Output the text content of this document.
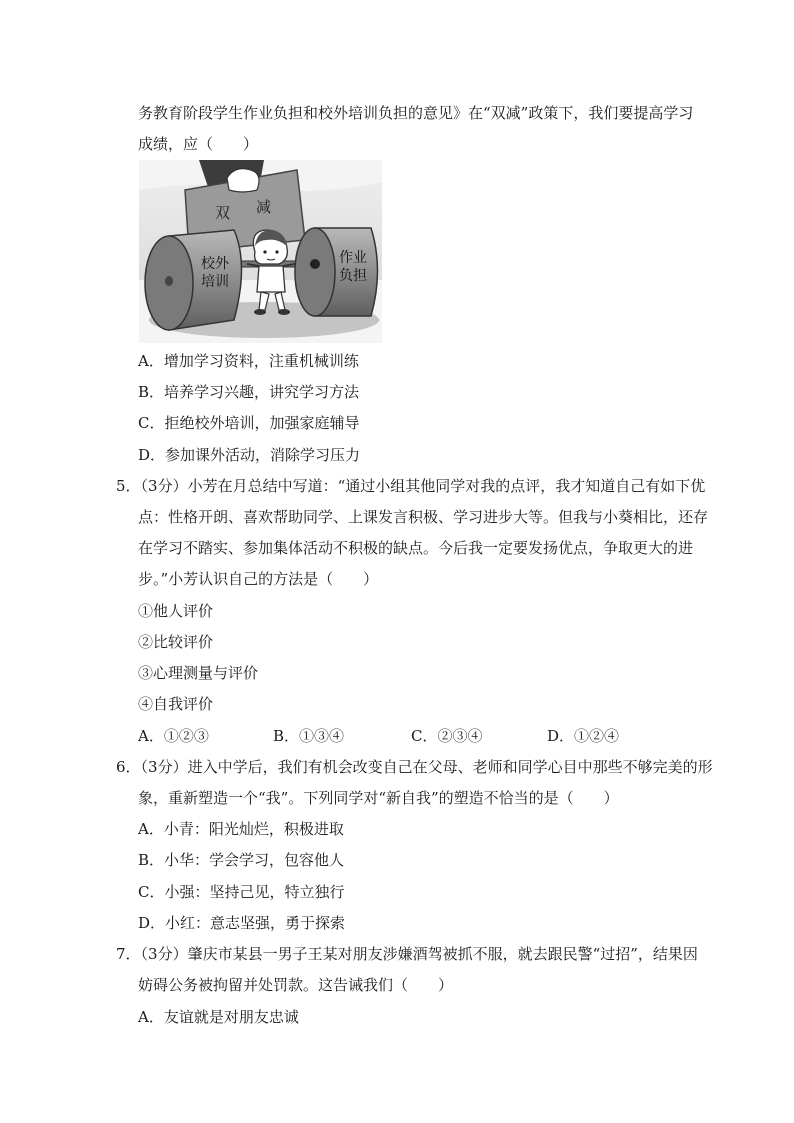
务教育阶段学生作业负担和校外培训负担的意见》在“双减”政策下，我们要提高学习
成绩，应（　　）
双 减
校外
培训
作业
负担
A．增加学习资料，注重机械训练
B．培养学习兴趣，讲究学习方法
C．拒绝校外培训，加强家庭辅导
D．参加课外活动，消除学习压力
5．（3分）小芳在月总结中写道：“通过小组其他同学对我的点评，我才知道自己有如下优
点：性格开朗、喜欢帮助同学、上课发言积极、学习进步大等。但我与小葵相比，还存
在学习不踏实、参加集体活动不积极的缺点。今后我一定要发扬优点，争取更大的进
步。”小芳认识自己的方法是（　　）
①他人评价
②比较评价
③心理测量与评价
④自我评价
A．①②③	B．①③④	C．②③④	D．①②④
6．（3分）进入中学后，我们有机会改变自己在父母、老师和同学心目中那些不够完美的形
象，重新塑造一个“我”。下列同学对“新自我”的塑造不恰当的是（　　）
A．小青：阳光灿烂，积极进取
B．小华：学会学习，包容他人
C．小强：坚持己见，特立独行
D．小红：意志坚强，勇于探索
7．（3分）肇庆市某县一男子王某对朋友涉嫌酒驾被抓不服，就去跟民警“过招”，结果因
妨碍公务被拘留并处罚款。这告诫我们（　　）
A．友谊就是对朋友忠诚
